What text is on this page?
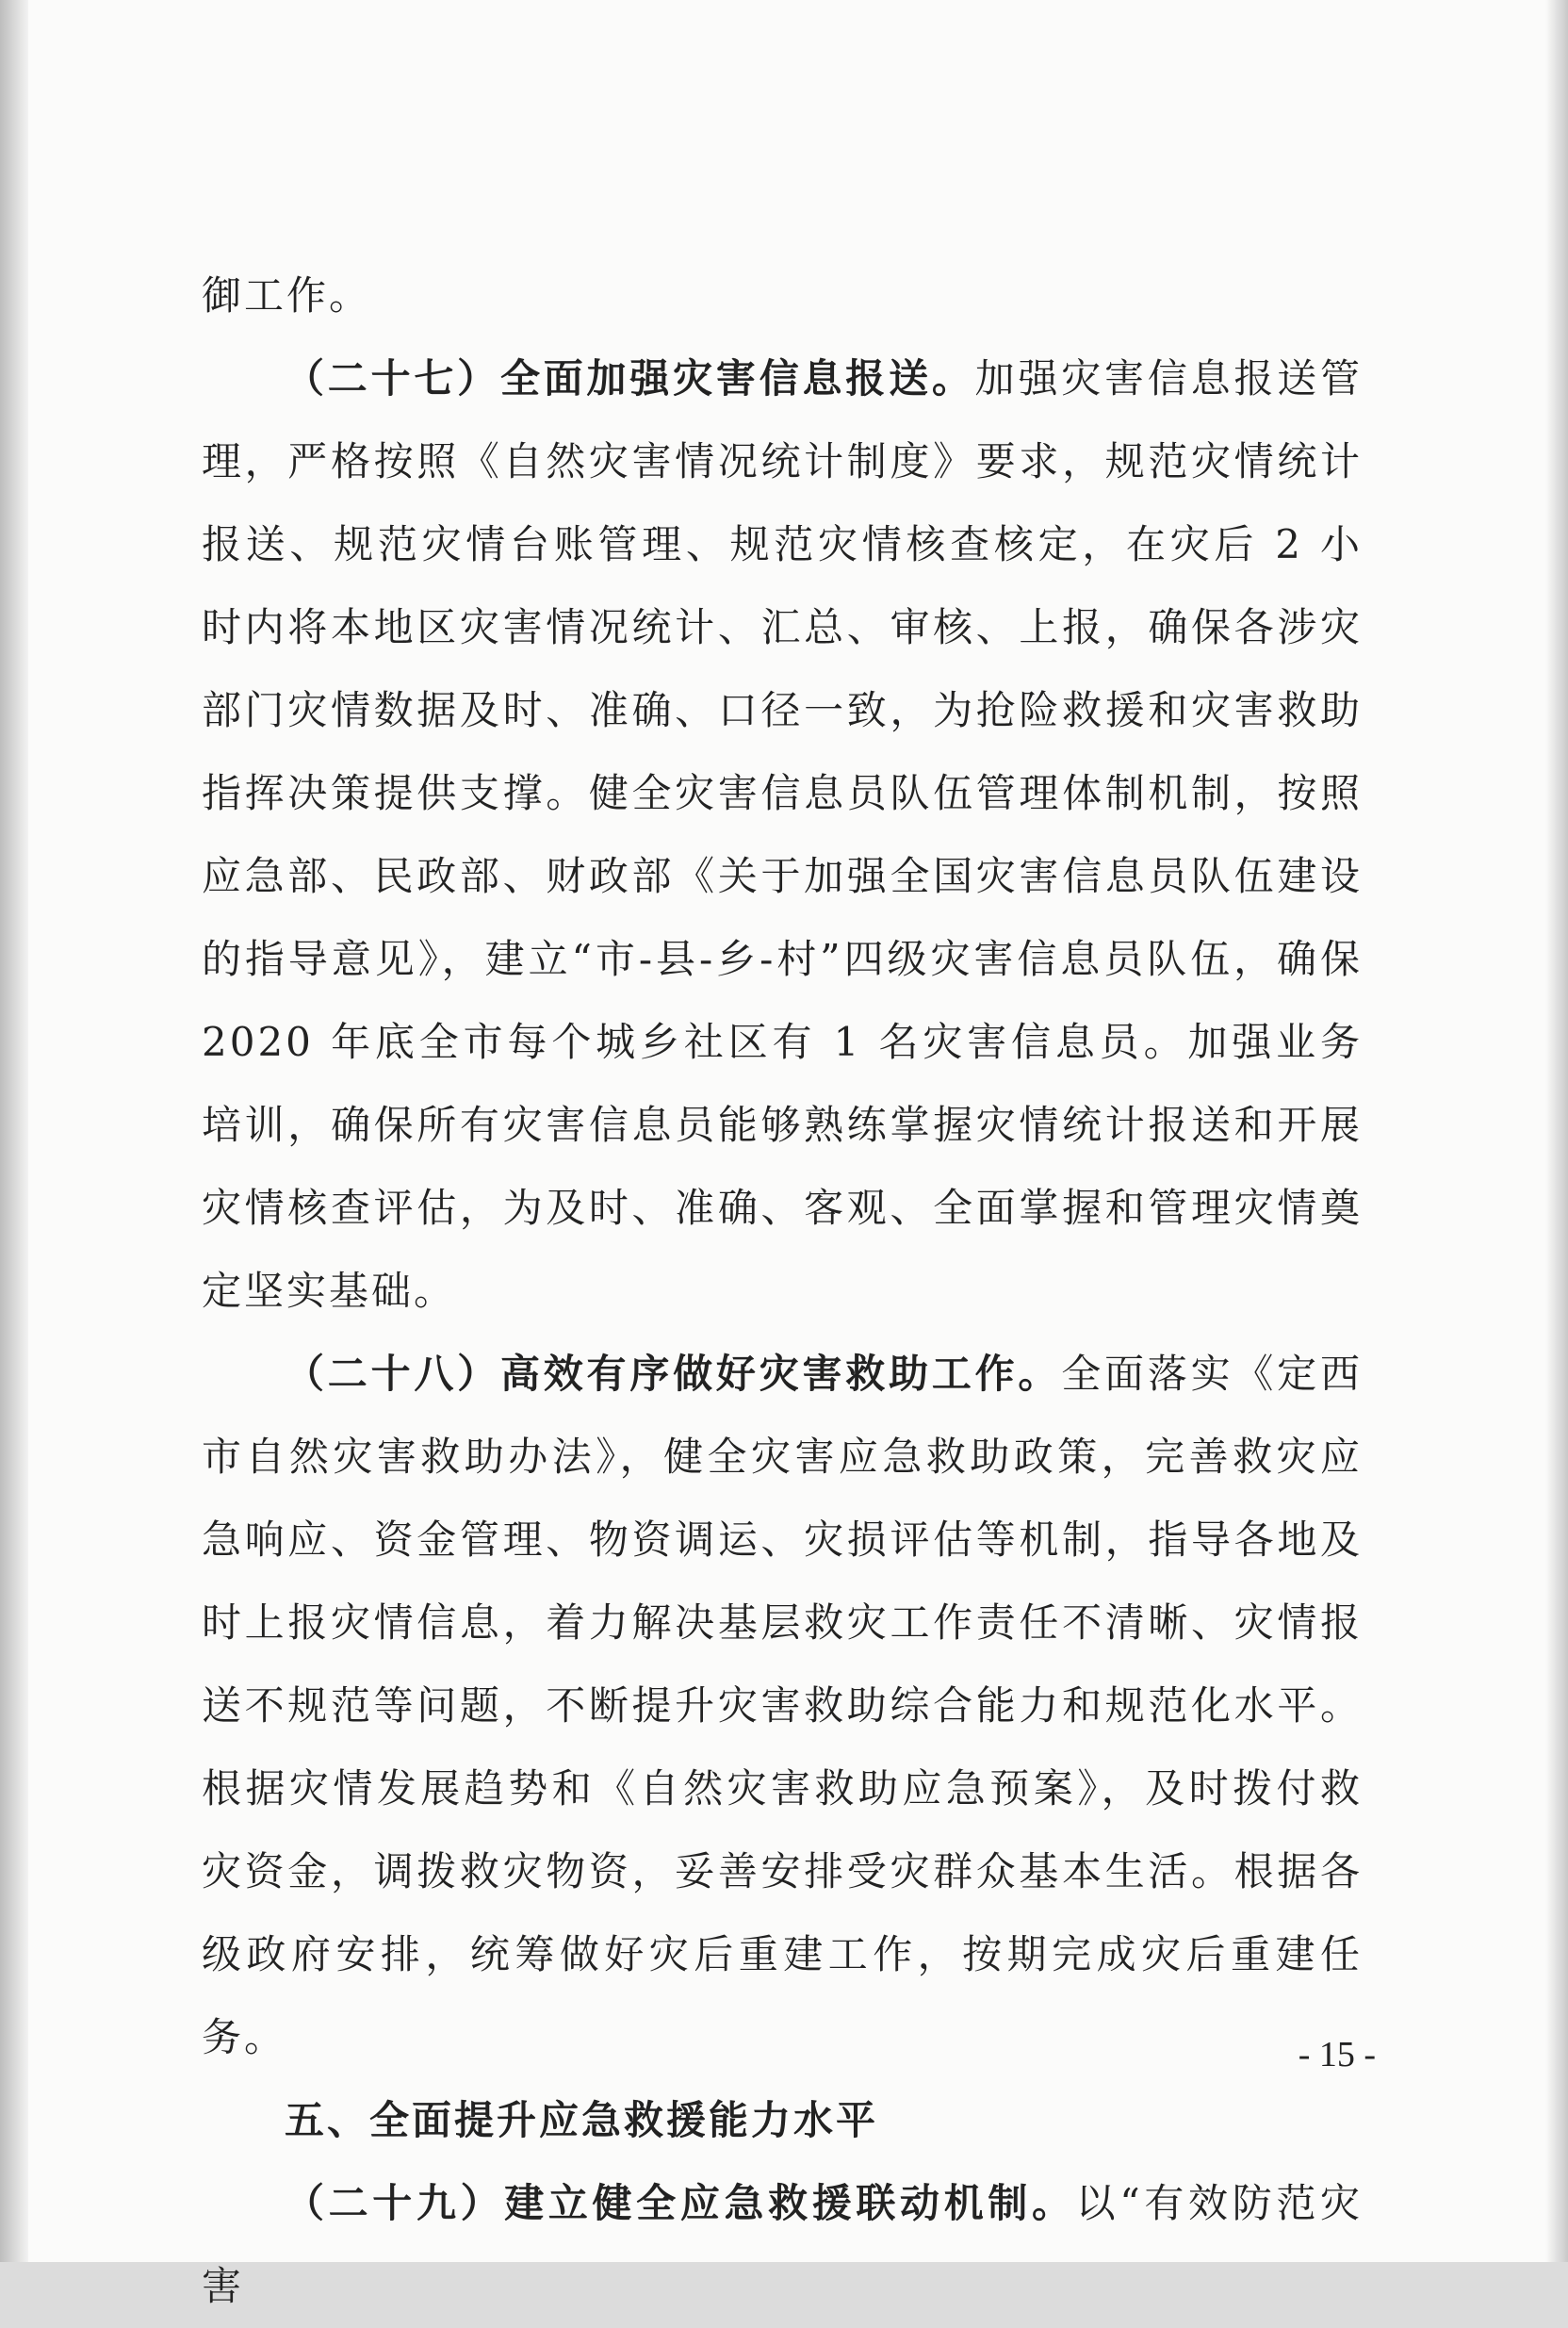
御工作。

（二十七）全面加强灾害信息报送。加强灾害信息报送管理，严格按照《自然灾害情况统计制度》要求，规范灾情统计报送、规范灾情台账管理、规范灾情核查核定，在灾后 2 小时内将本地区灾害情况统计、汇总、审核、上报，确保各涉灾部门灾情数据及时、准确、口径一致，为抢险救援和灾害救助指挥决策提供支撑。健全灾害信息员队伍管理体制机制，按照应急部、民政部、财政部《关于加强全国灾害信息员队伍建设的指导意见》，建立“市-县-乡-村”四级灾害信息员队伍，确保 2020 年底全市每个城乡社区有 1 名灾害信息员。加强业务培训，确保所有灾害信息员能够熟练掌握灾情统计报送和开展灾情核查评估，为及时、准确、客观、全面掌握和管理灾情奠定坚实基础。

（二十八）高效有序做好灾害救助工作。全面落实《定西市自然灾害救助办法》，健全灾害应急救助政策，完善救灾应急响应、资金管理、物资调运、灾损评估等机制，指导各地及时上报灾情信息，着力解决基层救灾工作责任不清晰、灾情报送不规范等问题，不断提升灾害救助综合能力和规范化水平。根据灾情发展趋势和《自然灾害救助应急预案》，及时拨付救灾资金，调拨救灾物资，妥善安排受灾群众基本生活。根据各级政府安排，统筹做好灾后重建工作，按期完成灾后重建任务。

五、全面提升应急救援能力水平

（二十九）建立健全应急救援联动机制。以“有效防范灾害

- 15 -
